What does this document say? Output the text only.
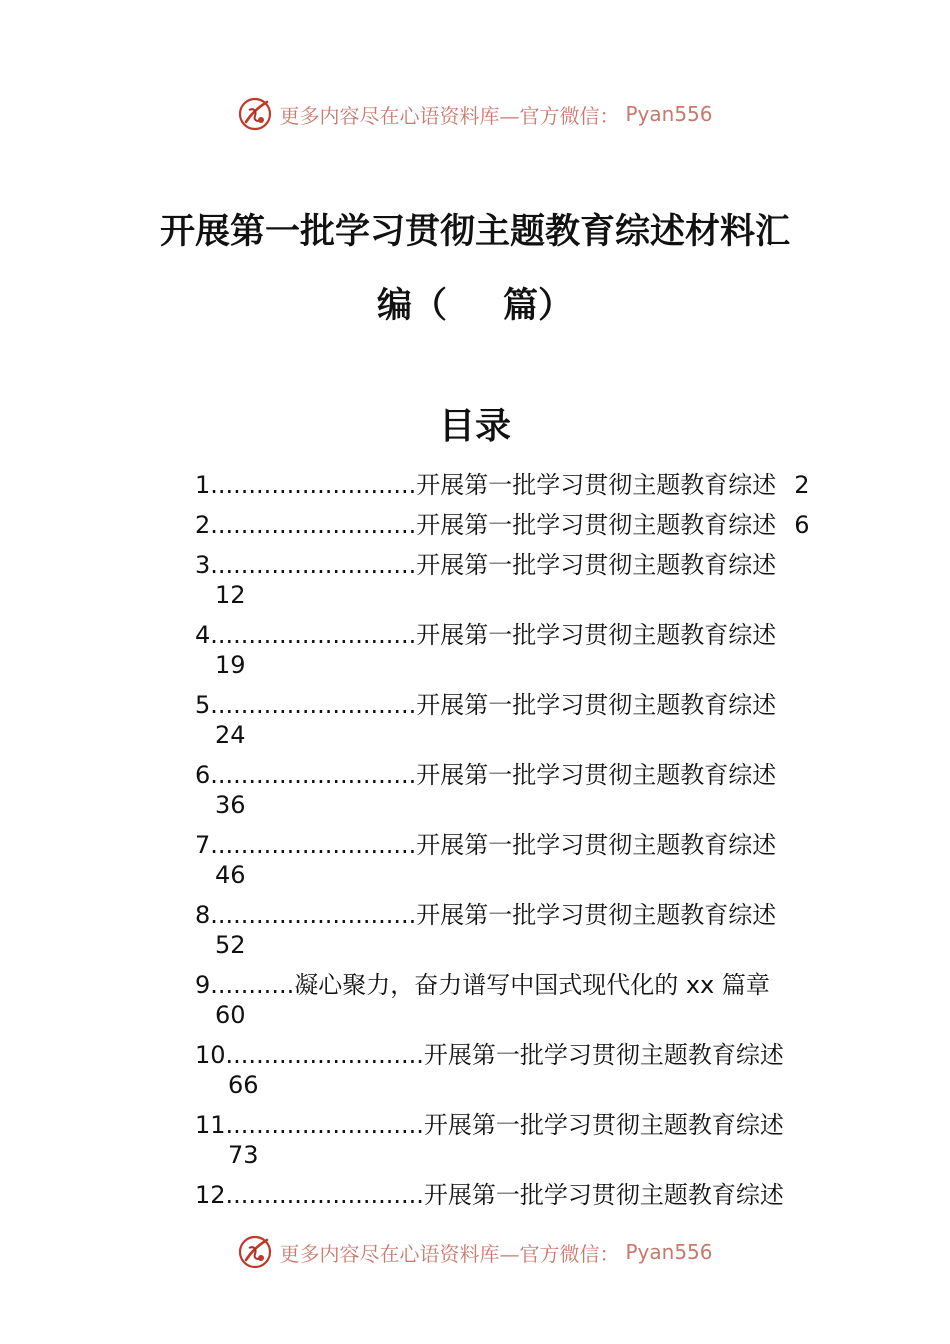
更多内容尽在心语资料库—官方微信： Pyan556
开展第一批学习贯彻主题教育综述材料汇
编（ 篇）
目录
1...........................开展第一批学习贯彻主题教育综述 2
2...........................开展第一批学习贯彻主题教育综述 6
3 ........................... 开展第一批学习贯彻主题教育综述
12
4 ........................... 开展第一批学习贯彻主题教育综述
19
5 ........................... 开展第一批学习贯彻主题教育综述
24
6 ........................... 开展第一批学习贯彻主题教育综述
36
7 ........................... 开展第一批学习贯彻主题教育综述
46
8 ........................... 开展第一批学习贯彻主题教育综述
52
9 ........... 凝心聚力，奋力谱写中国式现代化的 xx 篇章
60
10 .......................... 开展第一批学习贯彻主题教育综述
66
11 .......................... 开展第一批学习贯彻主题教育综述
73
12 .......................... 开展第一批学习贯彻主题教育综述
更多内容尽在心语资料库—官方微信： Pyan556
